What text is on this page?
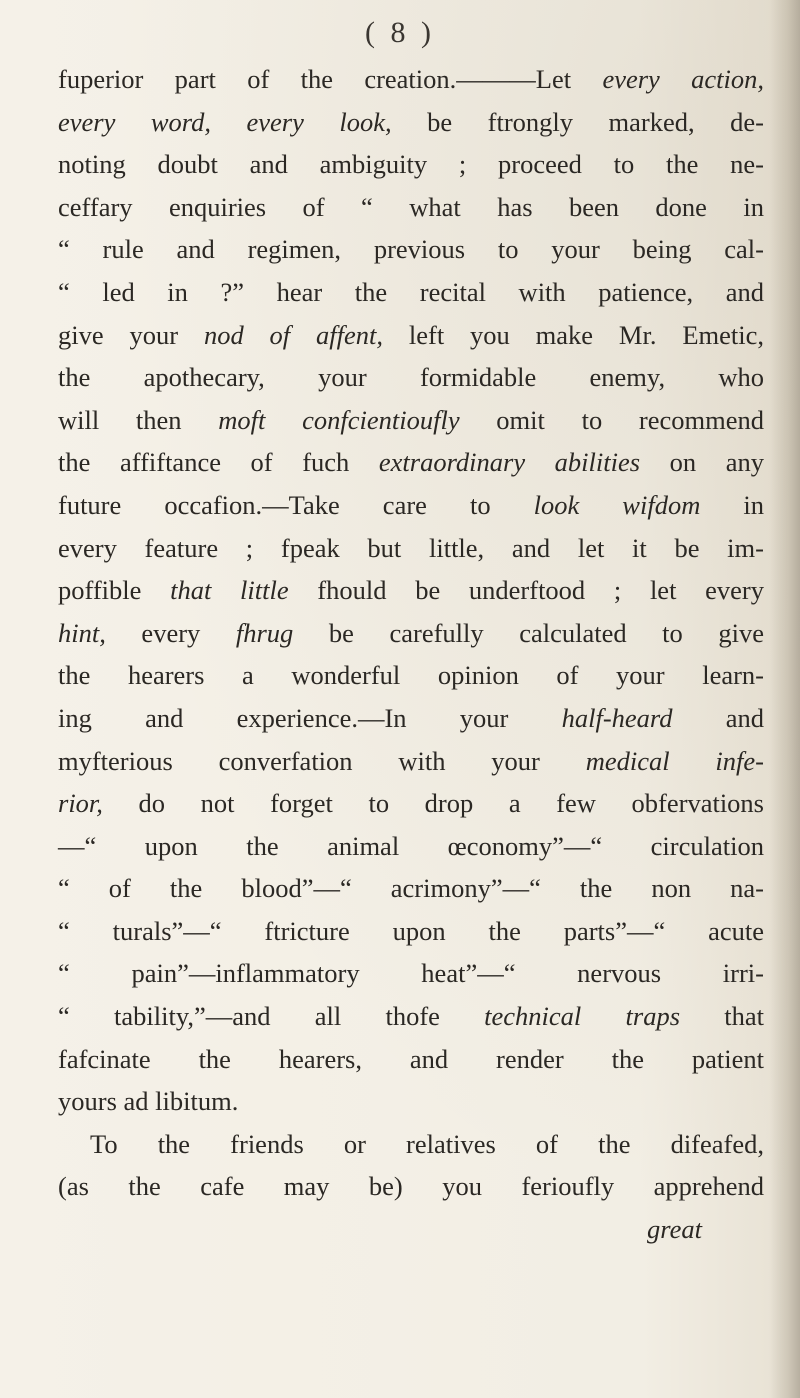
( 8 )
fuperior part of the creation.———Let every action,
every word, every look, be ftrongly marked, de-
noting doubt and ambiguity ; proceed to the ne-
ceffary enquiries of “ what has been done in
“ rule and regimen, previous to your being cal-
“ led in ?” hear the recital with patience, and
give your nod of affent, left you make Mr. Emetic,
the apothecary, your formidable enemy, who
will then moft confcientioufly omit to recommend
the affiftance of fuch extraordinary abilities on any
future occafion.—Take care to look wifdom in
every feature ; fpeak but little, and let it be im-
poffible that little fhould be underftood ; let every
hint, every fhrug be carefully calculated to give
the hearers a wonderful opinion of your learn-
ing and experience.—In your half-heard and
myfterious converfation with your medical infe-
rior, do not forget to drop a few obfervations
—“ upon the animal œconomy”—“ circulation
“ of the blood”—“ acrimony”—“ the non na-
“ turals”—“ ftricture upon the parts”—“ acute
“ pain”—inflammatory heat”—“ nervous irri-
“ tability,”—and all thofe technical traps that
fafcinate the hearers, and render the patient
yours ad libitum.
To the friends or relatives of the difeafed,
(as the cafe may be) you ferioufly apprehend
great
